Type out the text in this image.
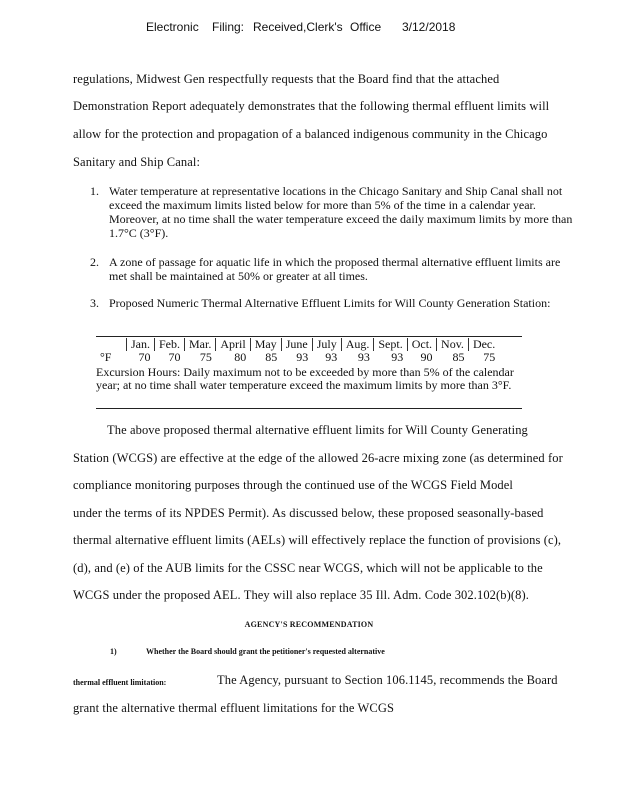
Electronic Filing: Received,Clerk's Office 3/12/2018
regulations, Midwest Gen respectfully requests that the Board find that the attached
Demonstration Report adequately demonstrates that the following thermal effluent limits will
allow for the protection and propagation of a balanced indigenous community in the Chicago
Sanitary and Ship Canal:
1. Water temperature at representative locations in the Chicago Sanitary and Ship Canal shall not exceed the maximum limits listed below for more than 5% of the time in a calendar year. Moreover, at no time shall the water temperature exceed the daily maximum limits by more than 1.7°C (3°F).
2. A zone of passage for aquatic life in which the proposed thermal alternative effluent limits are met shall be maintained at 50% or greater at all times.
3. Proposed Numeric Thermal Alternative Effluent Limits for Will County Generation Station:
	Jan.	Feb.	Mar.	April	May	June	July	Aug.	Sept.	Oct.	Nov.	Dec.
°F	70	70	75	80	85	93	93	93	93	90	85	75
Excursion Hours: Daily maximum not to be exceeded by more than 5% of the calendar year; at no time shall water temperature exceed the maximum limits by more than 3°F.
The above proposed thermal alternative effluent limits for Will County Generating
Station (WCGS) are effective at the edge of the allowed 26-acre mixing zone (as determined for
compliance monitoring purposes through the continued use of the WCGS Field Model
under the terms of its NPDES Permit). As discussed below, these proposed seasonally-based
thermal alternative effluent limits (AELs) will effectively replace the function of provisions (c),
(d), and (e) of the AUB limits for the CSSC near WCGS, which will not be applicable to the
WCGS under the proposed AEL. They will also replace 35 Ill. Adm. Code 302.102(b)(8).
AGENCY'S RECOMMENDATION
1)	Whether the Board should grant the petitioner's requested alternative
thermal effluent limitation:	The Agency, pursuant to Section 106.1145, recommends the Board
grant the alternative thermal effluent limitations for the WCGS
